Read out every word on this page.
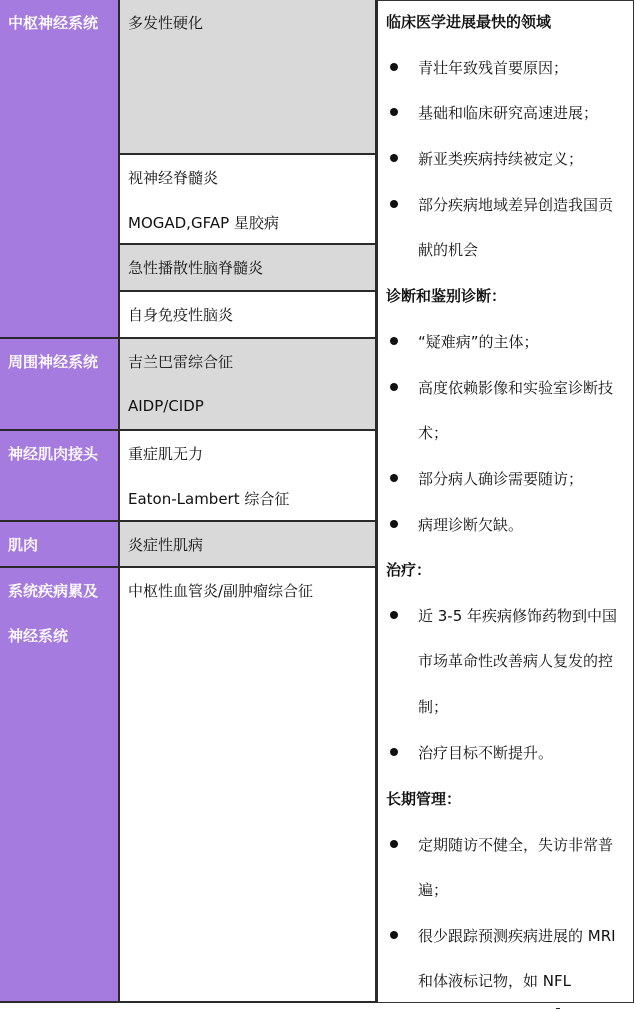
中枢神经系统
周围神经系统
神经肌肉接头
肌肉
系统疾病累及
神经系统
多发性硬化
视神经脊髓炎
MOGAD,GFAP 星胶病
急性播散性脑脊髓炎
自身免疫性脑炎
吉兰巴雷综合征
AIDP/CIDP
重症肌无力
Eaton-Lambert 综合征
炎症性肌病
中枢性血管炎/副肿瘤综合征
临床医学进展最快的领域
青壮年致残首要原因；
基础和临床研究高速进展；
新亚类疾病持续被定义；
部分疾病地域差异创造我国贡
献的机会
诊断和鉴别诊断：
“疑难病”的主体；
高度依赖影像和实验室诊断技
术；
部分病人确诊需要随访；
病理诊断欠缺。
治疗：
近 3-5 年疾病修饰药物到中国
市场革命性改善病人复发的控
制；
治疗目标不断提升。
长期管理：
定期随访不健全，失访非常普
遍；
很少跟踪预测疾病进展的 MRI
和体液标记物，如 NFL
